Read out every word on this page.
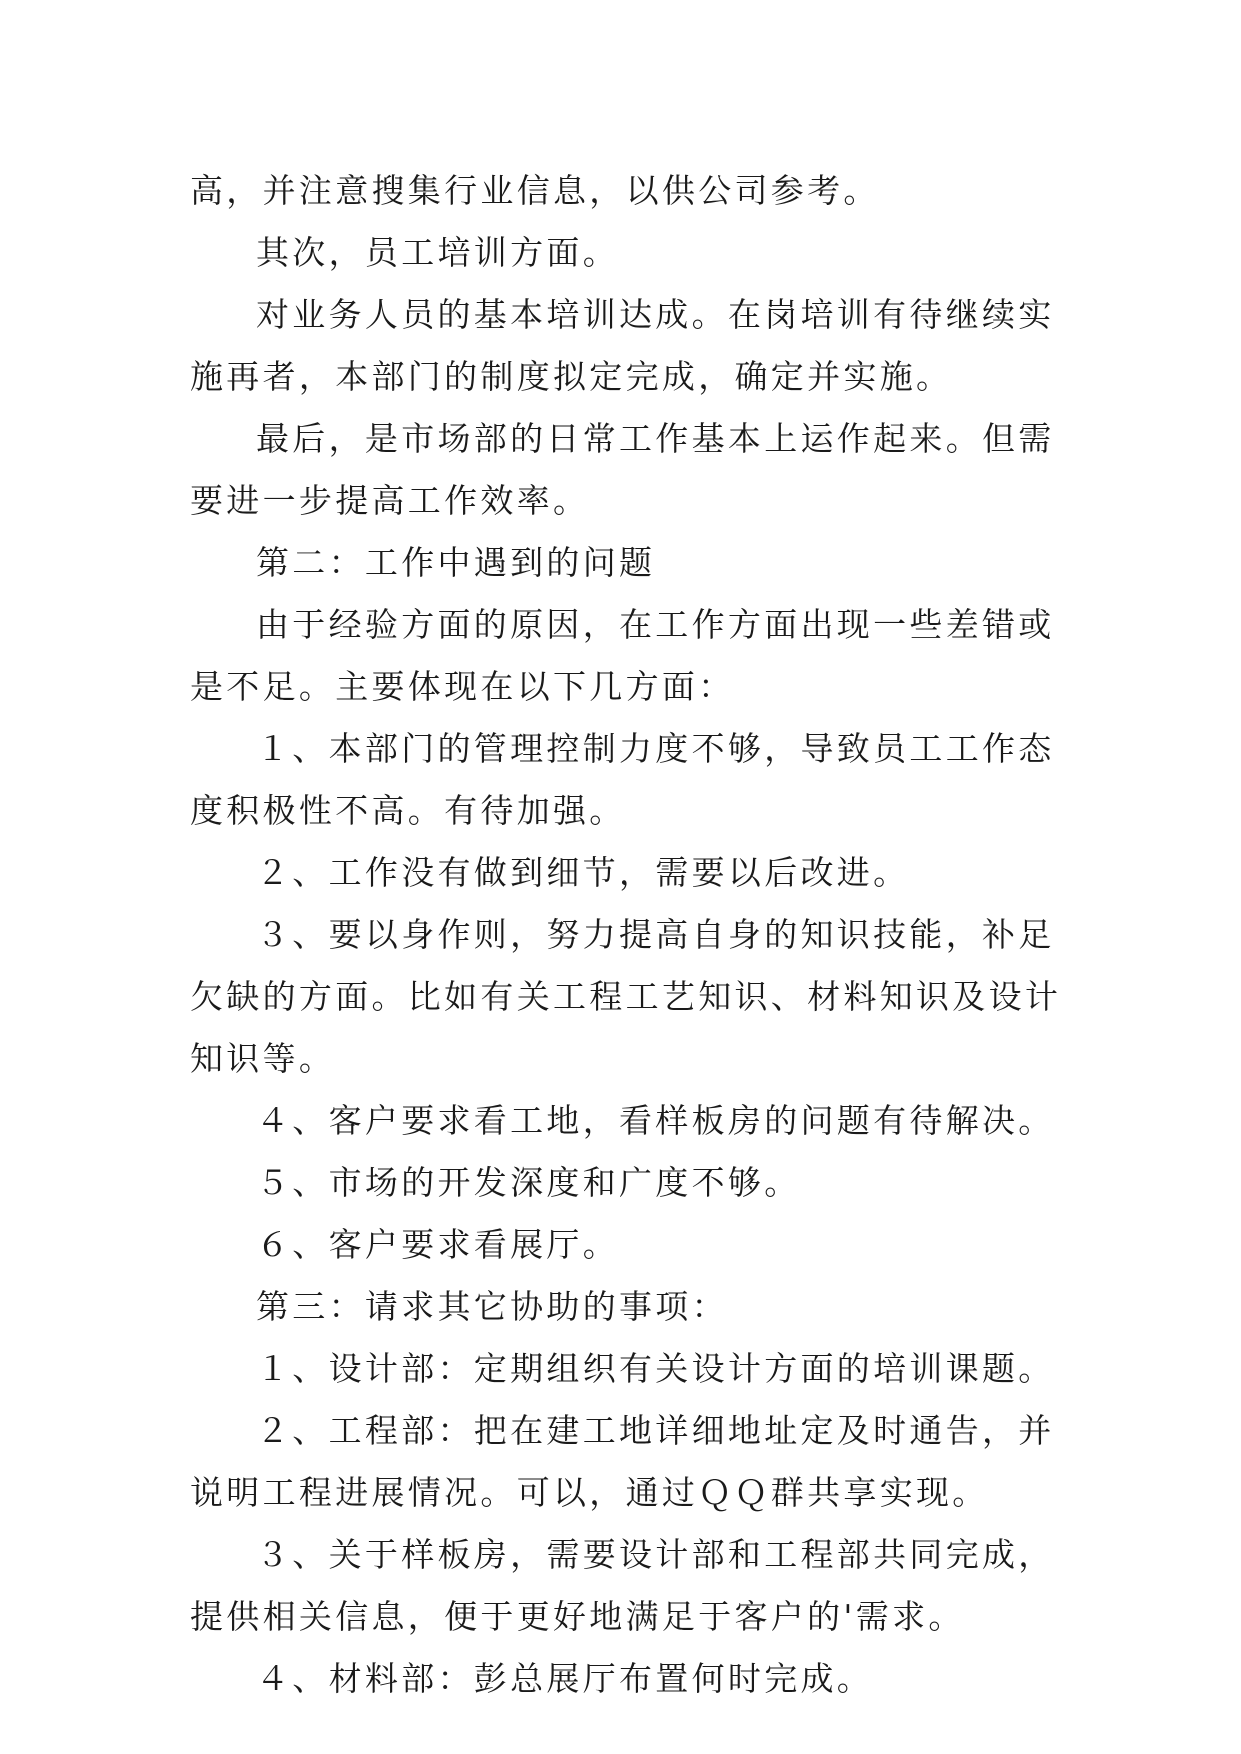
高，并注意搜集行业信息，以供公司参考。

其次，员工培训方面。

对业务人员的基本培训达成。在岗培训有待继续实施再者，本部门的制度拟定完成，确定并实施。

最后，是市场部的日常工作基本上运作起来。但需要进一步提高工作效率。

第二：工作中遇到的问题

由于经验方面的原因，在工作方面出现一些差错或是不足。主要体现在以下几方面：

１、本部门的管理控制力度不够，导致员工工作态度积极性不高。有待加强。

２、工作没有做到细节，需要以后改进。

３、要以身作则，努力提高自身的知识技能，补足欠缺的方面。比如有关工程工艺知识、材料知识及设计知识等。

４、客户要求看工地，看样板房的问题有待解决。

５、市场的开发深度和广度不够。

６、客户要求看展厅。

第三：请求其它协助的事项：

１、设计部：定期组织有关设计方面的培训课题。

２、工程部：把在建工地详细地址定及时通告，并说明工程进展情况。可以，通过ＱＱ群共享实现。

３、关于样板房，需要设计部和工程部共同完成，提供相关信息，便于更好地满足于客户的'需求。

４、材料部：彭总展厅布置何时完成。
